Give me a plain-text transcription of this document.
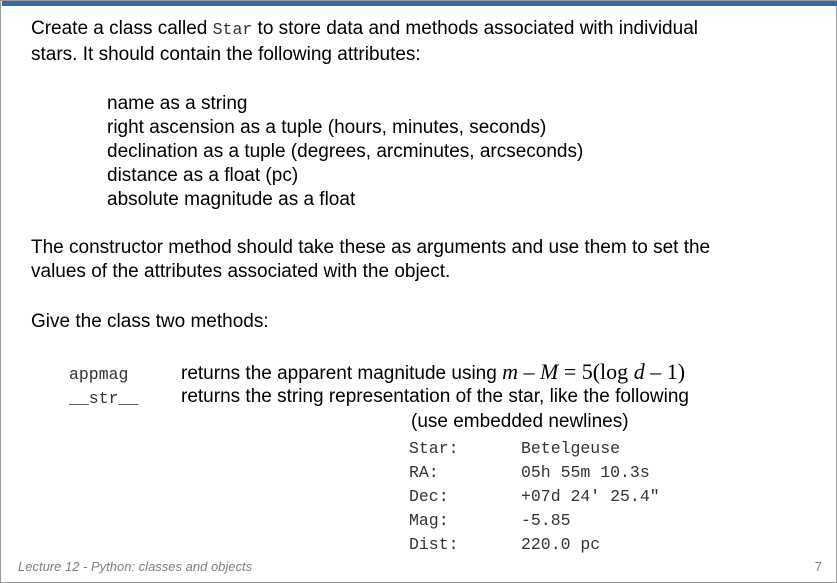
Create a class called Star to store data and methods associated with individual
stars. It should contain the following attributes:
name as a string
right ascension as a tuple (hours, minutes, seconds)
declination as a tuple (degrees, arcminutes, arcseconds)
distance as a float (pc)
absolute magnitude as a float
The constructor method should take these as arguments and use them to set the
values of the attributes associated with the object.
Give the class two methods:
appmag	returns the apparent magnitude using m – M = 5(log d – 1)
__str__ returns the string representation of the star, like the following
(use embedded newlines)
Star:	Betelgeuse
RA:	05h 55m 10.3s
Dec:	+07d 24' 25.4"
Mag:	-5.85
Dist:	220.0 pc
Lecture 12 - Python: classes and objects	7
